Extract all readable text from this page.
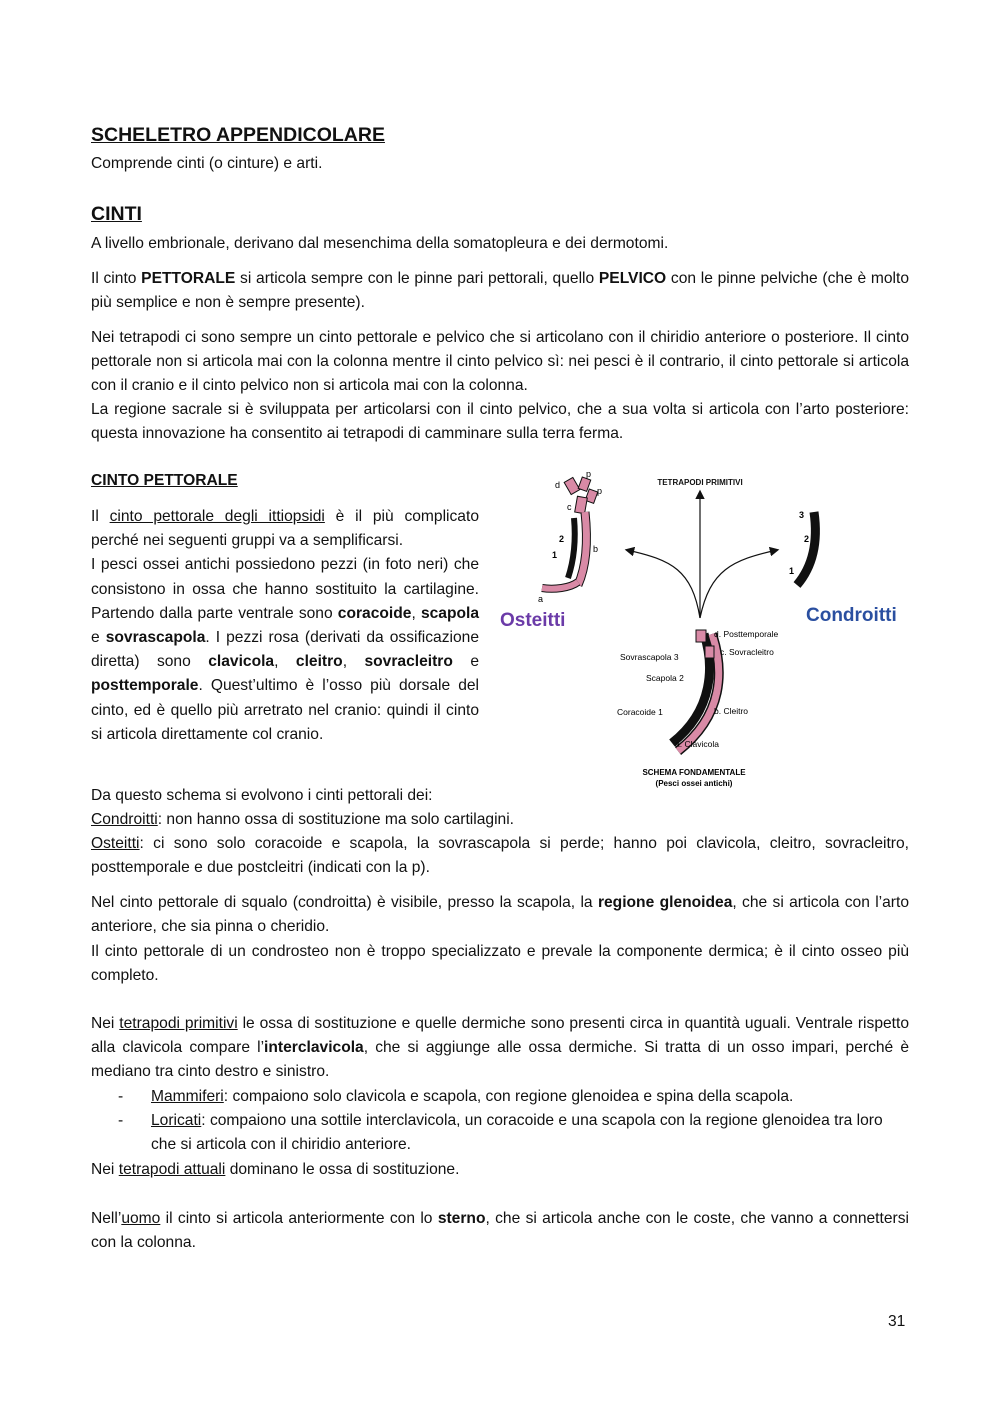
SCHELETRO APPENDICOLARE

Comprende cinti (o cinture) e arti.

CINTI

A livello embrionale, derivano dal mesenchima della somatopleura e dei dermotomi.

Il cinto PETTORALE si articola sempre con le pinne pari pettorali, quello PELVICO con le pinne pelviche (che è molto più semplice e non è sempre presente).

Nei tetrapodi ci sono sempre un cinto pettorale e pelvico che si articolano con il chiridio anteriore o posteriore. Il cinto pettorale non si articola mai con la colonna mentre il cinto pelvico sì: nei pesci è il contrario, il cinto pettorale si articola con il cranio e il cinto pelvico non si articola mai con la colonna.

La regione sacrale si è sviluppata per articolarsi con il cinto pelvico, che a sua volta si articola con l’arto posteriore: questa innovazione ha consentito ai tetrapodi di camminare sulla terra ferma.

CINTO PETTORALE

Il cinto pettorale degli ittiopsidi è il più complicato perché nei seguenti gruppi va a semplificarsi.
I pesci ossei antichi possiedono pezzi (in foto neri) che consistono in ossa che hanno sostituito la cartilagine. Partendo dalla parte ventrale sono coracoide, scapola e sovrascapola. I pezzi rosa (derivati da ossificazione diretta) sono clavicola, cleitro, sovracleitro e posttemporale. Quest’ultimo è l’osso più dorsale del cinto, ed è quello più arretrato nel cranio: quindi il cinto si articola direttamente col cranio.

TETRAPODI PRIMITIVI
d
p
p
c
2
1
b
a
Osteitti
3
2
1
Condroitti
d. Posttemporale
c. Sovracleitro
Sovrascapola 3
Scapola 2
Coracoide 1	b. Cleitro
a. Clavicola
SCHEMA FONDAMENTALE
(Pesci ossei antichi)

Da questo schema si evolvono i cinti pettorali dei:

Condroitti: non hanno ossa di sostituzione ma solo cartilagini.

Osteitti: ci sono solo coracoide e scapola, la sovrascapola si perde; hanno poi clavicola, cleitro, sovracleitro, posttemporale e due postcleitri (indicati con la p).

Nel cinto pettorale di squalo (condroitta) è visibile, presso la scapola, la regione glenoidea, che si articola con l’arto anteriore, che sia pinna o cheridio.

Il cinto pettorale di un condrosteo non è troppo specializzato e prevale la componente dermica; è il cinto osseo più completo.

Nei tetrapodi primitivi le ossa di sostituzione e quelle dermiche sono presenti circa in quantità uguali. Ventrale rispetto alla clavicola compare l’interclavicola, che si aggiunge alle ossa dermiche. Si tratta di un osso impari, perché è mediano tra cinto destro e sinistro.

-	Mammiferi: compaiono solo clavicola e scapola, con regione glenoidea e spina della scapola.
-	Loricati: compaiono una sottile interclavicola, un coracoide e una scapola con la regione glenoidea tra loro che si articola con il chiridio anteriore.

Nei tetrapodi attuali dominano le ossa di sostituzione.

Nell’uomo il cinto si articola anteriormente con lo sterno, che si articola anche con le coste, che vanno a connettersi con la colonna.

31
